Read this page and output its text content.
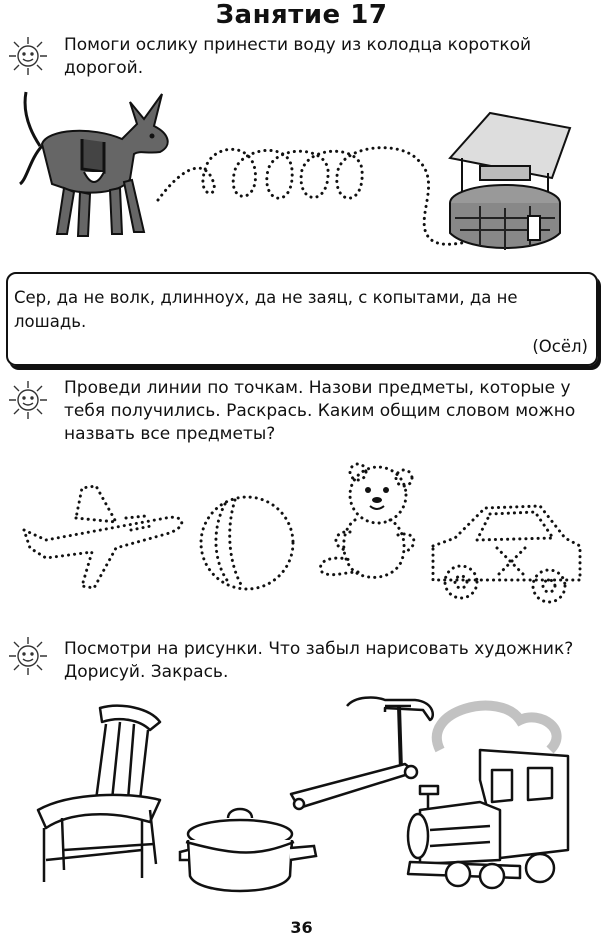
Занятие 17
Помоги ослику принести воду из колодца короткой дорогой.
Сер, да не волк, длинноух, да не заяц, с копытами, да не лошадь.
(Осёл)
Проведи линии по точкам. Назови предметы, которые у тебя получились. Раскрась. Каким общим словом можно назвать все предметы?
Посмотри на рисунки. Что забыл нарисовать художник? Дорисуй. Закрась.
36
